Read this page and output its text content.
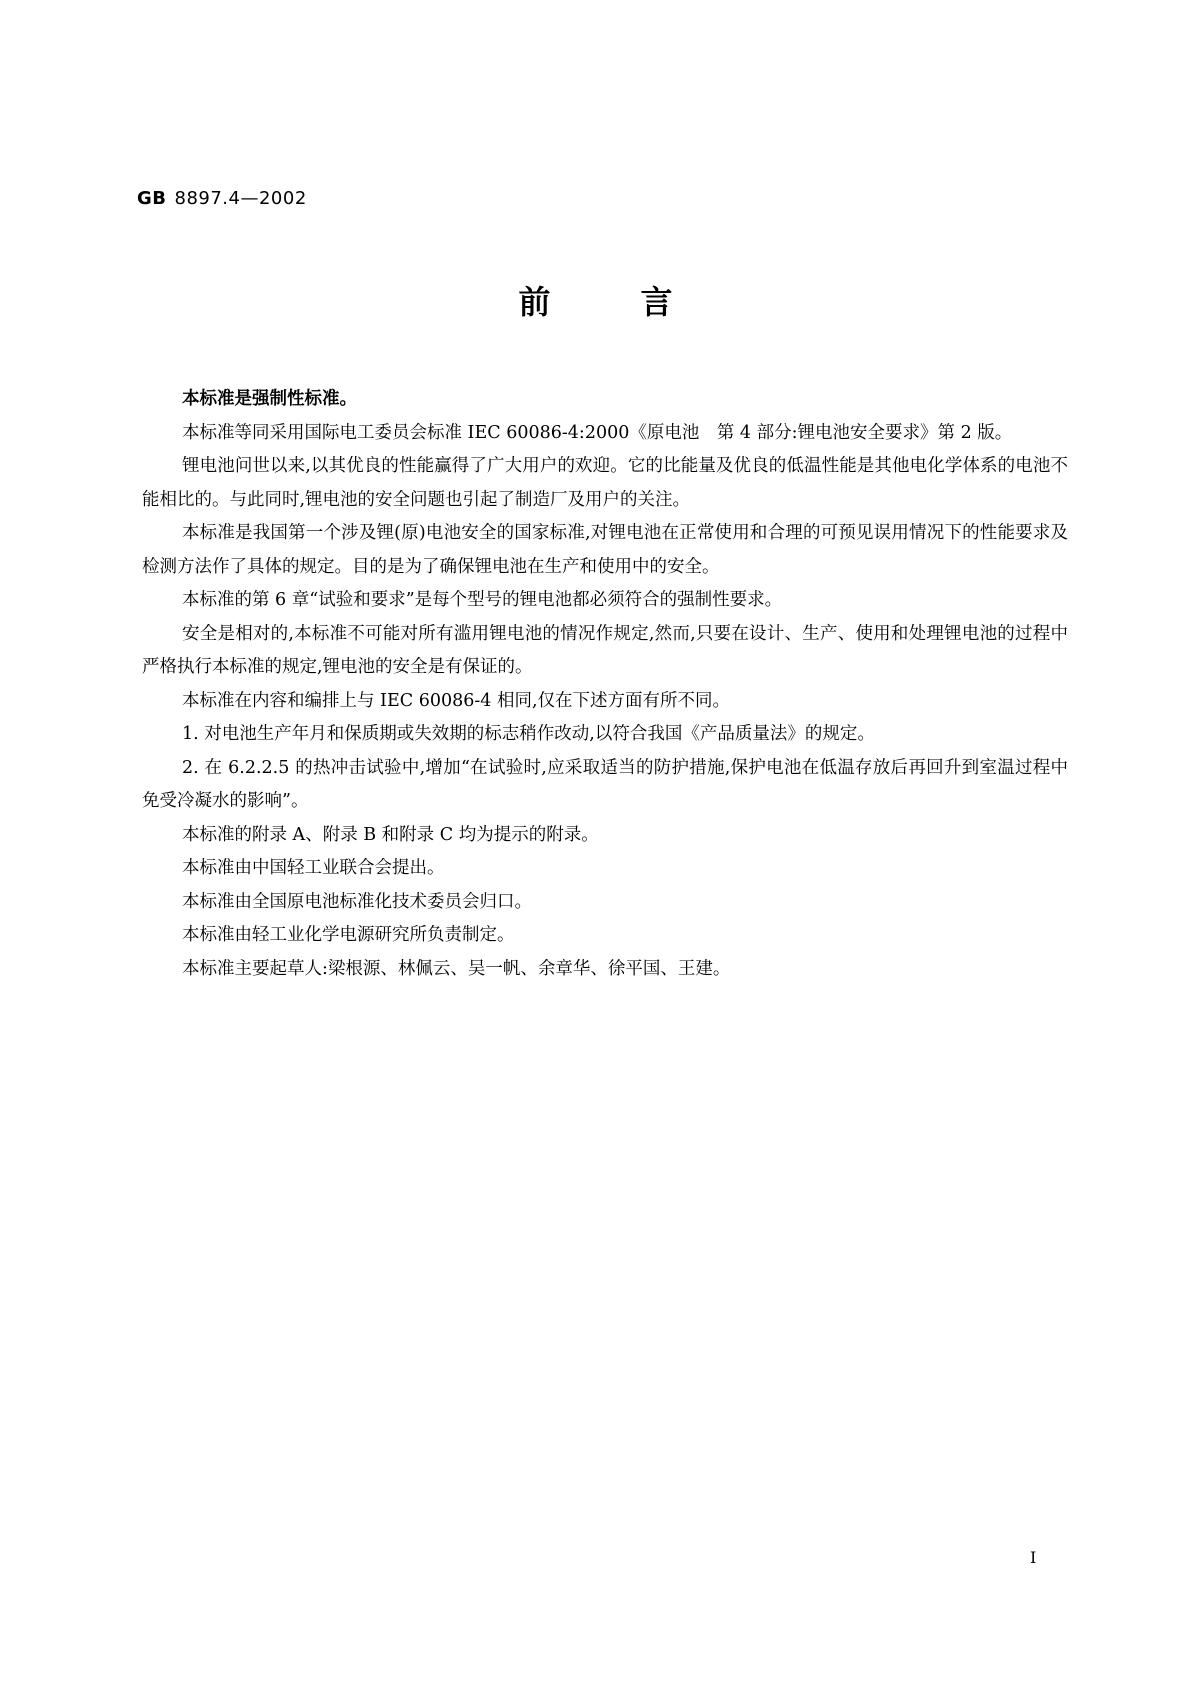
GB 8897.4—2002
前言

本标准是强制性标准。

本标准等同采用国际电工委员会标准 IEC 60086-4:2000《原电池　第 4 部分:锂电池安全要求》第 2 版。

锂电池问世以来,以其优良的性能赢得了广大用户的欢迎。它的比能量及优良的低温性能是其他电化学体系的电池不能相比的。与此同时,锂电池的安全问题也引起了制造厂及用户的关注。

本标准是我国第一个涉及锂(原)电池安全的国家标准,对锂电池在正常使用和合理的可预见误用情况下的性能要求及检测方法作了具体的规定。目的是为了确保锂电池在生产和使用中的安全。

本标准的第 6 章“试验和要求”是每个型号的锂电池都必须符合的强制性要求。

安全是相对的,本标准不可能对所有滥用锂电池的情况作规定,然而,只要在设计、生产、使用和处理锂电池的过程中严格执行本标准的规定,锂电池的安全是有保证的。

本标准在内容和编排上与 IEC 60086-4 相同,仅在下述方面有所不同。

1. 对电池生产年月和保质期或失效期的标志稍作改动,以符合我国《产品质量法》的规定。

2. 在 6.2.2.5 的热冲击试验中,增加“在试验时,应采取适当的防护措施,保护电池在低温存放后再回升到室温过程中免受冷凝水的影响”。

本标准的附录 A、附录 B 和附录 C 均为提示的附录。

本标准由中国轻工业联合会提出。

本标准由全国原电池标准化技术委员会归口。

本标准由轻工业化学电源研究所负责制定。

本标准主要起草人:梁根源、林佩云、吴一帆、余章华、徐平国、王建。

I
